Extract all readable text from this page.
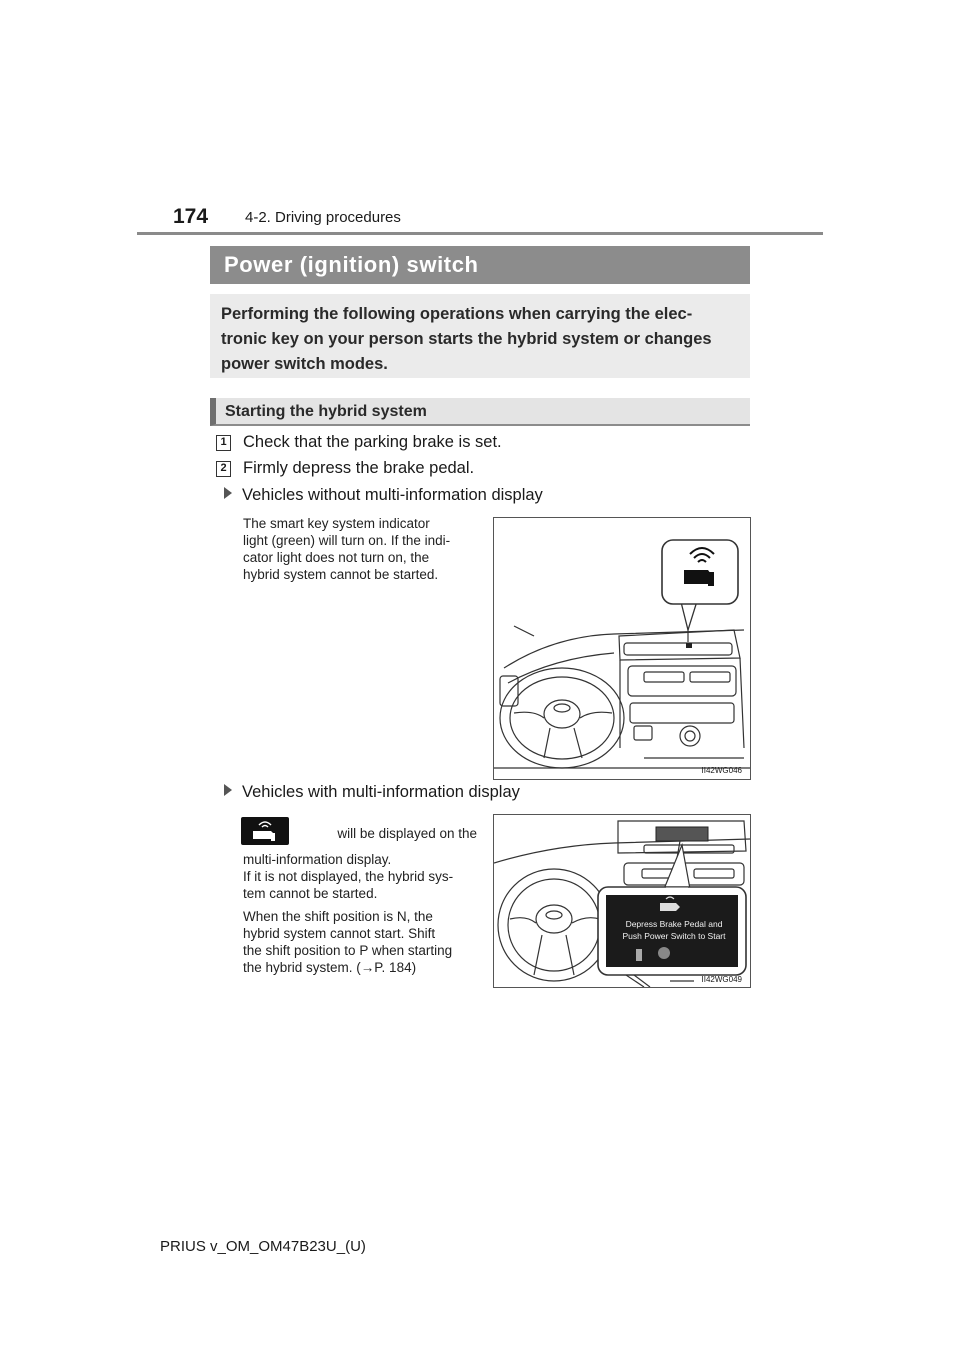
174 4-2. Driving procedures
Power (ignition) switch
Performing the following operations when carrying the elec-
tronic key on your person starts the hybrid system or changes
power switch modes.
Starting the hybrid system
1 Check that the parking brake is set.
2 Firmly depress the brake pedal.
Vehicles without multi-information display
The smart key system indicator
light (green) will turn on. If the indi-
cator light does not turn on, the
hybrid system cannot be started.
II42WG046
Vehicles with multi-information display
will be displayed on the
multi-information display.
If it is not displayed, the hybrid sys-
tem cannot be started.
When the shift position is N, the
hybrid system cannot start. Shift
the shift position to P when starting
the hybrid system. (→P. 184)
Depress Brake Pedal and
Push Power Switch to Start
II42WG049
PRIUS v_OM_OM47B23U_(U)
